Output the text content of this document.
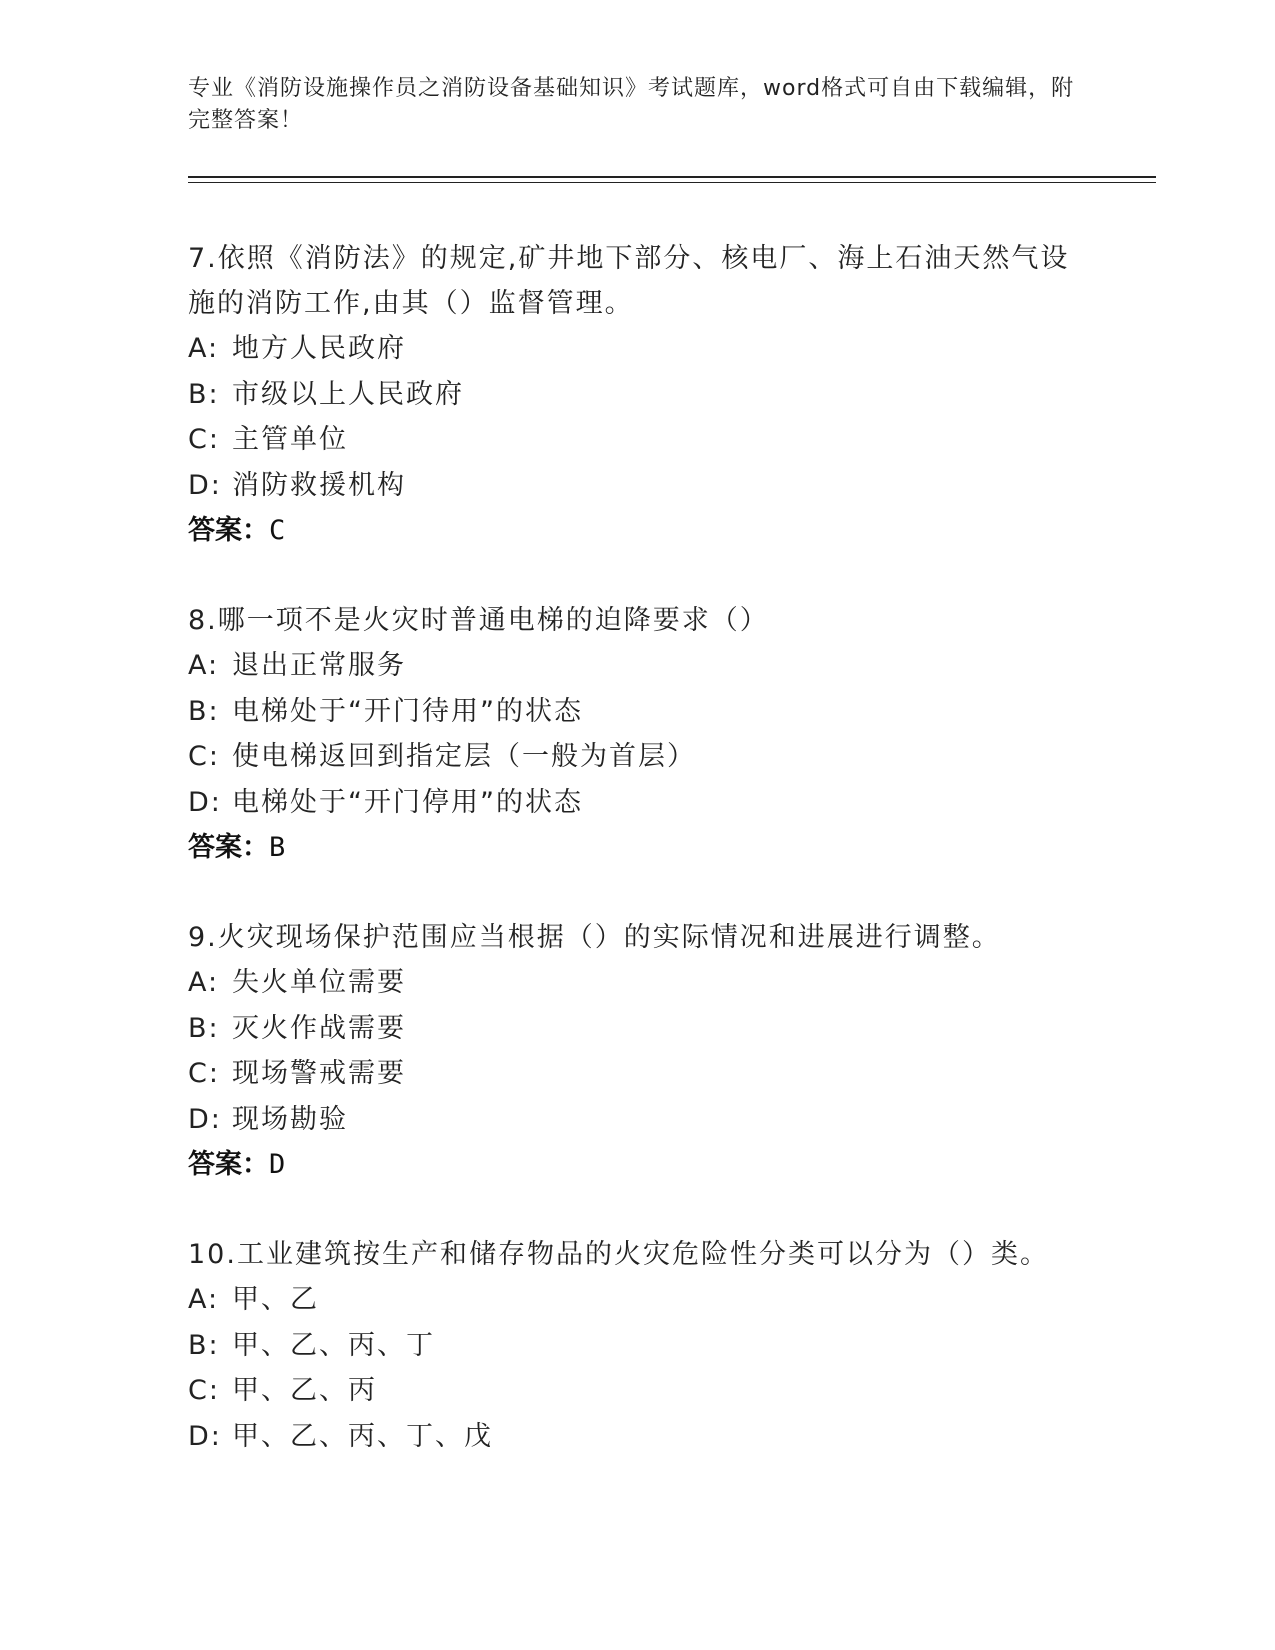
专业《消防设施操作员之消防设备基础知识》考试题库，word格式可自由下载编辑，附完整答案！

7.依照《消防法》的规定,矿井地下部分、核电厂、海上石油天然气设施的消防工作,由其（）监督管理。

A: 地方人民政府
B: 市级以上人民政府
C: 主管单位
D: 消防救援机构
答案：C

8.哪一项不是火灾时普通电梯的迫降要求（）

A: 退出正常服务
B: 电梯处于“开门待用”的状态
C: 使电梯返回到指定层（一般为首层）
D: 电梯处于“开门停用”的状态
答案：B

9.火灾现场保护范围应当根据（）的实际情况和进展进行调整。

A: 失火单位需要
B: 灭火作战需要
C: 现场警戒需要
D: 现场勘验
答案：D

10.工业建筑按生产和储存物品的火灾危险性分类可以分为（）类。

A: 甲、乙
B: 甲、乙、丙、丁
C: 甲、乙、丙
D: 甲、乙、丙、丁、戊
